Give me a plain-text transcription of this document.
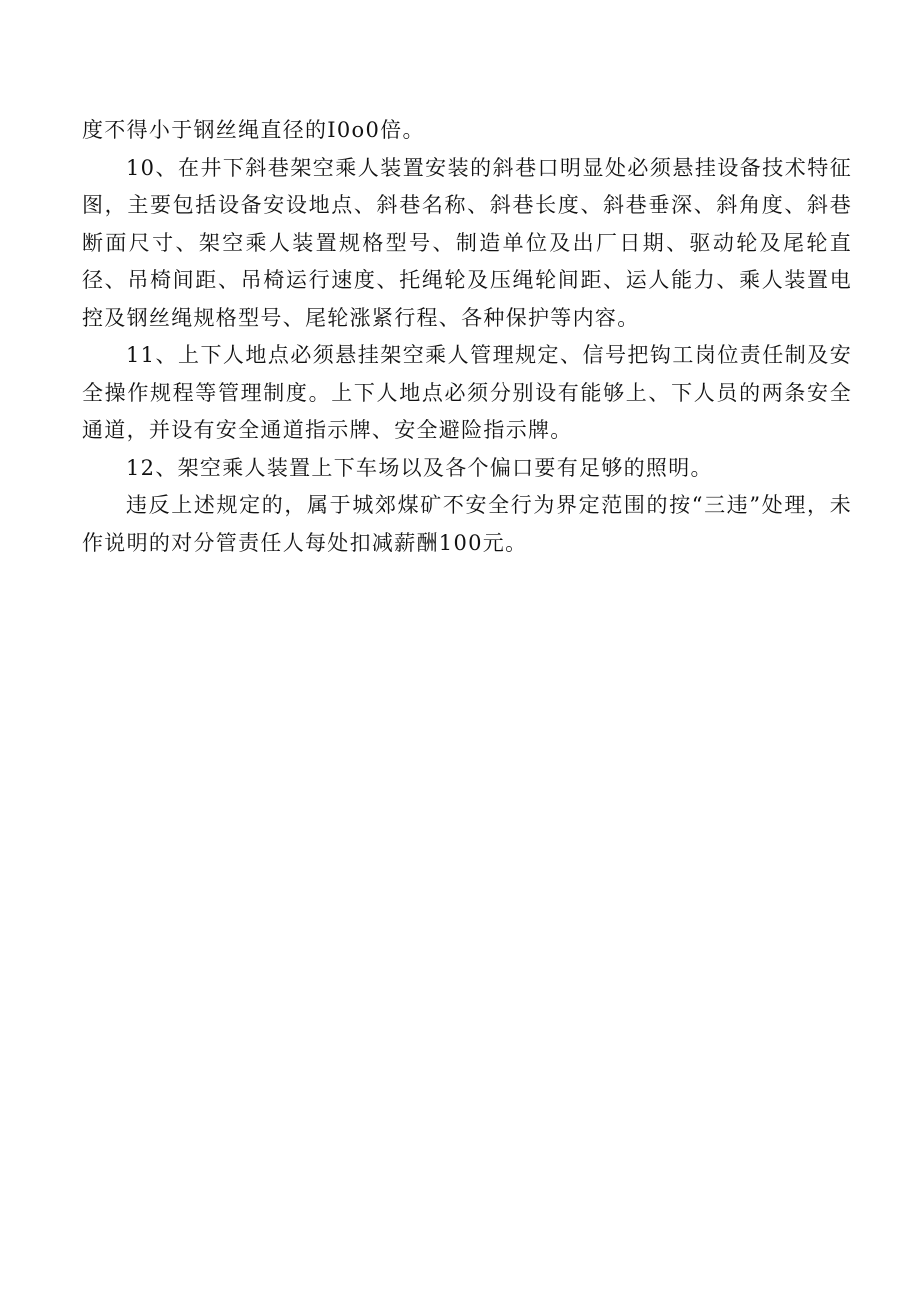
度不得小于钢丝绳直径的I0o0倍。

10、在井下斜巷架空乘人装置安装的斜巷口明显处必须悬挂设备技术特征图，主要包括设备安设地点、斜巷名称、斜巷长度、斜巷垂深、斜角度、斜巷断面尺寸、架空乘人装置规格型号、制造单位及出厂日期、驱动轮及尾轮直径、吊椅间距、吊椅运行速度、托绳轮及压绳轮间距、运人能力、乘人装置电控及钢丝绳规格型号、尾轮涨紧行程、各种保护等内容。

11、上下人地点必须悬挂架空乘人管理规定、信号把钩工岗位责任制及安全操作规程等管理制度。上下人地点必须分别设有能够上、下人员的两条安全通道，并设有安全通道指示牌、安全避险指示牌。

12、架空乘人装置上下车场以及各个偏口要有足够的照明。

违反上述规定的，属于城郊煤矿不安全行为界定范围的按“三违”处理，未作说明的对分管责任人每处扣减薪酬100元。
